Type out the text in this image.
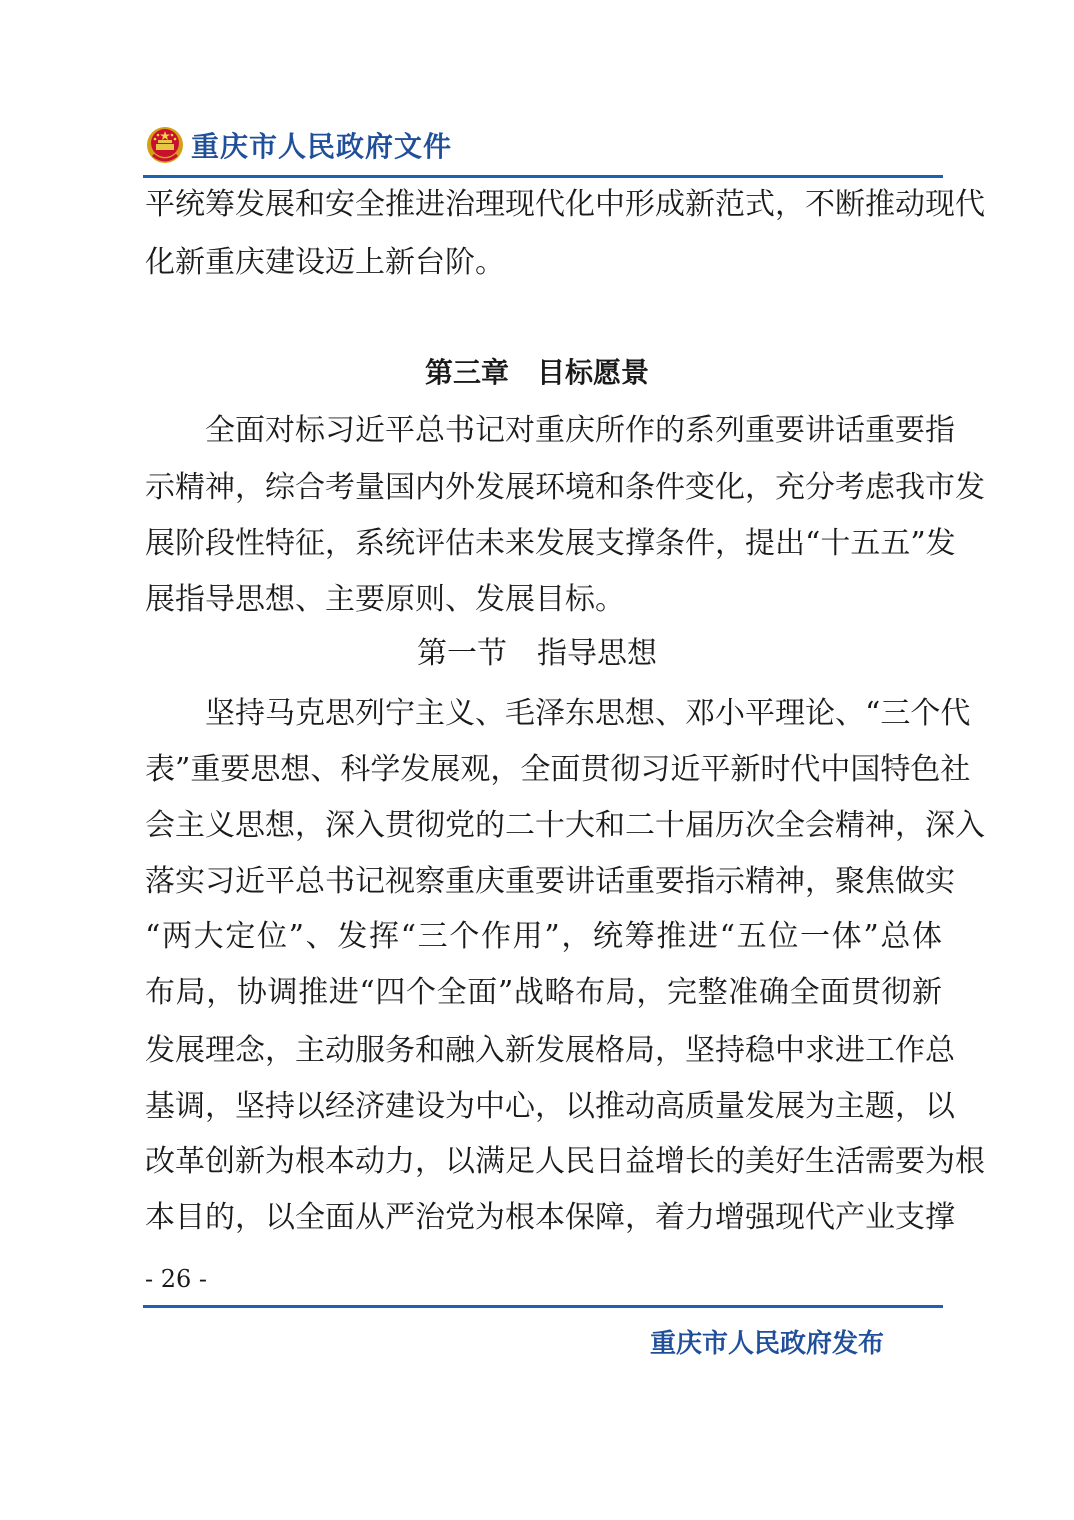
重庆市人民政府文件
平统筹发展和安全推进治理现代化中形成新范式，不断推动现代
化新重庆建设迈上新台阶。
第三章　目标愿景
全面对标习近平总书记对重庆所作的系列重要讲话重要指
示精神，综合考量国内外发展环境和条件变化，充分考虑我市发
展阶段性特征，系统评估未来发展支撑条件，提出“十五五”发
展指导思想、主要原则、发展目标。
第一节　指导思想
坚持马克思列宁主义、毛泽东思想、邓小平理论、“三个代
表”重要思想、科学发展观，全面贯彻习近平新时代中国特色社
会主义思想，深入贯彻党的二十大和二十届历次全会精神，深入
落实习近平总书记视察重庆重要讲话重要指示精神，聚焦做实
“两大定位”、发挥“三个作用”，统筹推进“五位一体”总体
布局，协调推进“四个全面”战略布局，完整准确全面贯彻新
发展理念，主动服务和融入新发展格局，坚持稳中求进工作总
基调，坚持以经济建设为中心，以推动高质量发展为主题，以
改革创新为根本动力，以满足人民日益增长的美好生活需要为根
本目的，以全面从严治党为根本保障，着力增强现代产业支撑
- 26 -
重庆市人民政府发布
